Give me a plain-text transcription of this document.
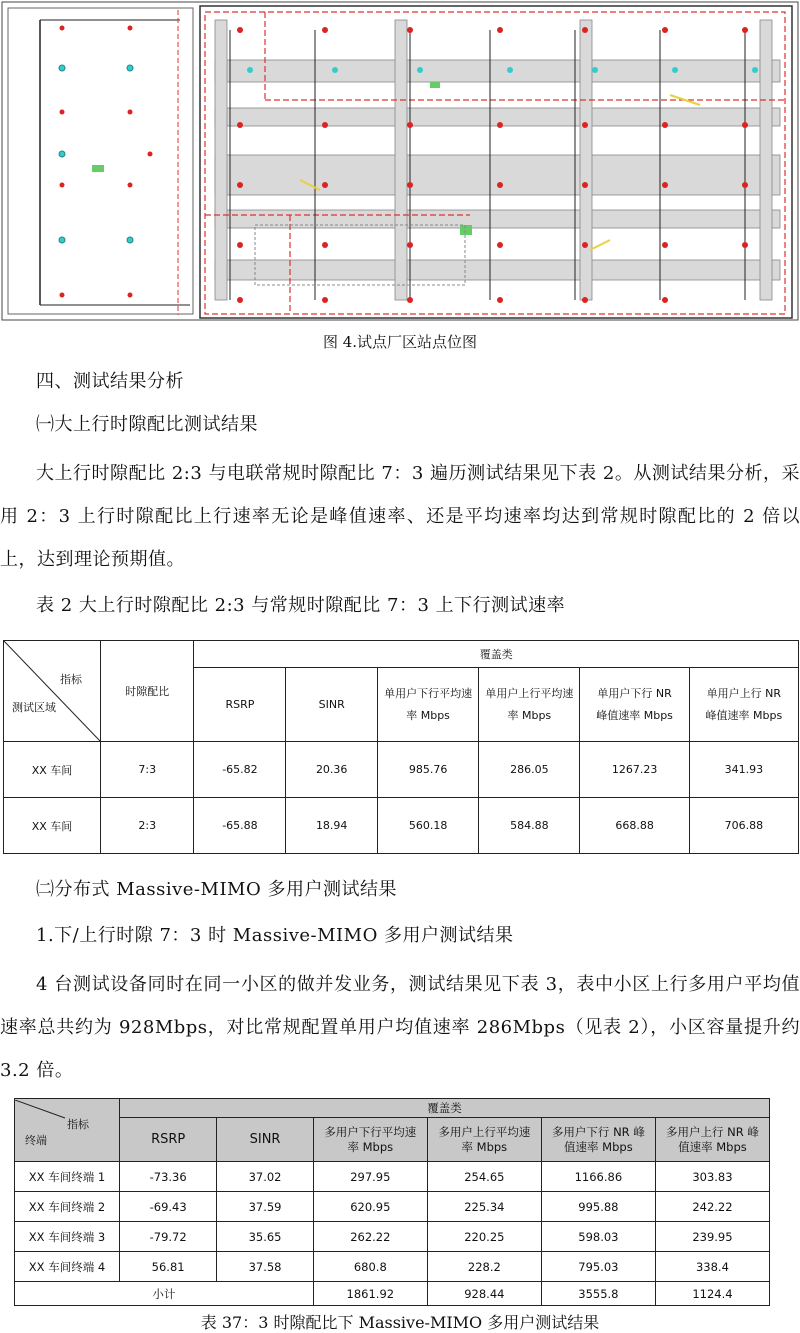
图 4.试点厂区站点位图
四、测试结果分析
㈠大上行时隙配比测试结果
大上行时隙配比 2:3 与电联常规时隙配比 7：3 遍历测试结果见下表 2。从测试结果分析，采用 2：3 上行时隙配比上行速率无论是峰值速率、还是平均速率均达到常规时隙配比的 2 倍以上，达到理论预期值。
表 2 大上行时隙配比 2:3 与常规时隙配比 7：3 上下行测试速率
指标
测试区域	时隙配比	覆盖类					
		RSRP	SINR	单用户下行平均速率 Mbps	单用户上行平均速率 Mbps	单用户下行 NR 峰值速率 Mbps	单用户上行 NR 峰值速率 Mbps
XX 车间	7:3	-65.82	20.36	985.76	286.05	1267.23	341.93
XX 车间	2:3	-65.88	18.94	560.18	584.88	668.88	706.88
㈡分布式 Massive-MIMO 多用户测试结果
1.下/上行时隙 7：3 时 Massive-MIMO 多用户测试结果
4 台测试设备同时在同一小区的做并发业务，测试结果见下表 3，表中小区上行多用户平均值速率总共约为 928Mbps，对比常规配置单用户均值速率 286Mbps（见表 2），小区容量提升约 3.2 倍。
指标
终端	覆盖类					
	RSRP	SINR	多用户下行平均速率 Mbps	多用户上行平均速率 Mbps	多用户下行 NR 峰值速率 Mbps	多用户上行 NR 峰值速率 Mbps
XX 车间终端 1	-73.36	37.02	297.95	254.65	1166.86	303.83
XX 车间终端 2	-69.43	37.59	620.95	225.34	995.88	242.22
XX 车间终端 3	-79.72	35.65	262.22	220.25	598.03	239.95
XX 车间终端 4	56.81	37.58	680.8	228.2	795.03	338.4
小计			1861.92	928.44	3555.8	1124.4
表 37：3 时隙配比下 Massive-MIMO 多用户测试结果
